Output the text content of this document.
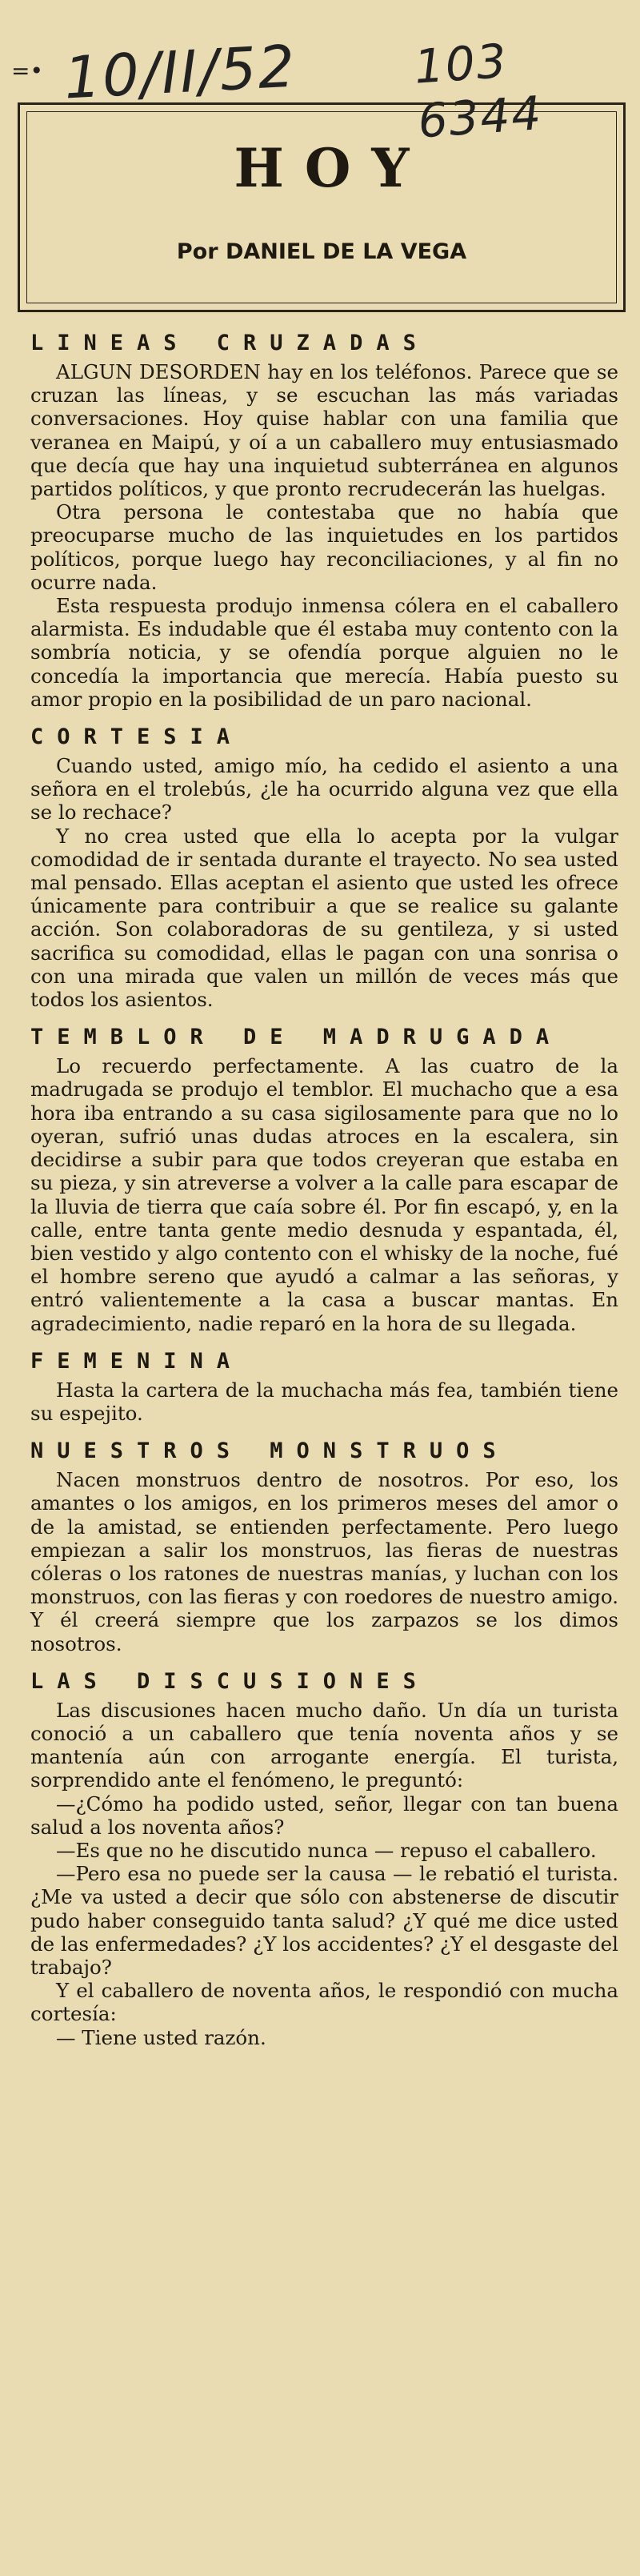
=• 10/II/52 103 6344
HOY
Por DANIEL DE LA VEGA
LINEAS CRUZADAS

ALGUN DESORDEN hay en los teléfonos. Parece que se cruzan las líneas, y se escuchan las más variadas conversaciones. Hoy quise hablar con una familia que veranea en Maipú, y oí a un caballero muy entusiasmado que decía que hay una inquietud subterránea en algunos partidos políticos, y que pronto recrudecerán las huelgas.

Otra persona le contestaba que no había que preocuparse mucho de las inquietudes en los partidos políticos, porque luego hay reconciliaciones, y al fin no ocurre nada.

Esta respuesta produjo inmensa cólera en el caballero alarmista. Es indudable que él estaba muy contento con la sombría noticia, y se ofendía porque alguien no le concedía la importancia que merecía. Había puesto su amor propio en la posibilidad de un paro nacional.

CORTESIA

Cuando usted, amigo mío, ha cedido el asiento a una señora en el trolebús, ¿le ha ocurrido alguna vez que ella se lo rechace?

Y no crea usted que ella lo acepta por la vulgar comodidad de ir sentada durante el trayecto. No sea usted mal pensado. Ellas aceptan el asiento que usted les ofrece únicamente para contribuir a que se realice su galante acción. Son colaboradoras de su gentileza, y si usted sacrifica su comodidad, ellas le pagan con una sonrisa o con una mirada que valen un millón de veces más que todos los asientos.

TEMBLOR DE MADRUGADA

Lo recuerdo perfectamente. A las cuatro de la madrugada se produjo el temblor. El muchacho que a esa hora iba entrando a su casa sigilosamente para que no lo oyeran, sufrió unas dudas atroces en la escalera, sin decidirse a subir para que todos creyeran que estaba en su pieza, y sin atreverse a volver a la calle para escapar de la lluvia de tierra que caía sobre él. Por fin escapó, y, en la calle, entre tanta gente medio desnuda y espantada, él, bien vestido y algo contento con el whisky de la noche, fué el hombre sereno que ayudó a calmar a las señoras, y entró valientemente a la casa a buscar mantas. En agradecimiento, nadie reparó en la hora de su llegada.

FEMENINA

Hasta la cartera de la muchacha más fea, también tiene su espejito.

NUESTROS MONSTRUOS

Nacen monstruos dentro de nosotros. Por eso, los amantes o los amigos, en los primeros meses del amor o de la amistad, se entienden perfectamente. Pero luego empiezan a salir los monstruos, las fieras de nuestras cóleras o los ratones de nuestras manías, y luchan con los monstruos, con las fieras y con roedores de nuestro amigo. Y él creerá siempre que los zarpazos se los dimos nosotros.

LAS DISCUSIONES

Las discusiones hacen mucho daño. Un día un turista conoció a un caballero que tenía noventa años y se mantenía aún con arrogante energía. El turista, sorprendido ante el fenómeno, le preguntó:

—¿Cómo ha podido usted, señor, llegar con tan buena salud a los noventa años?

—Es que no he discutido nunca — repuso el caballero.

—Pero esa no puede ser la causa — le rebatió el turista. ¿Me va usted a decir que sólo con abstenerse de discutir pudo haber conseguido tanta salud? ¿Y qué me dice usted de las enfermedades? ¿Y los accidentes? ¿Y el desgaste del trabajo?

Y el caballero de noventa años, le respondió con mucha cortesía:

— Tiene usted razón.
